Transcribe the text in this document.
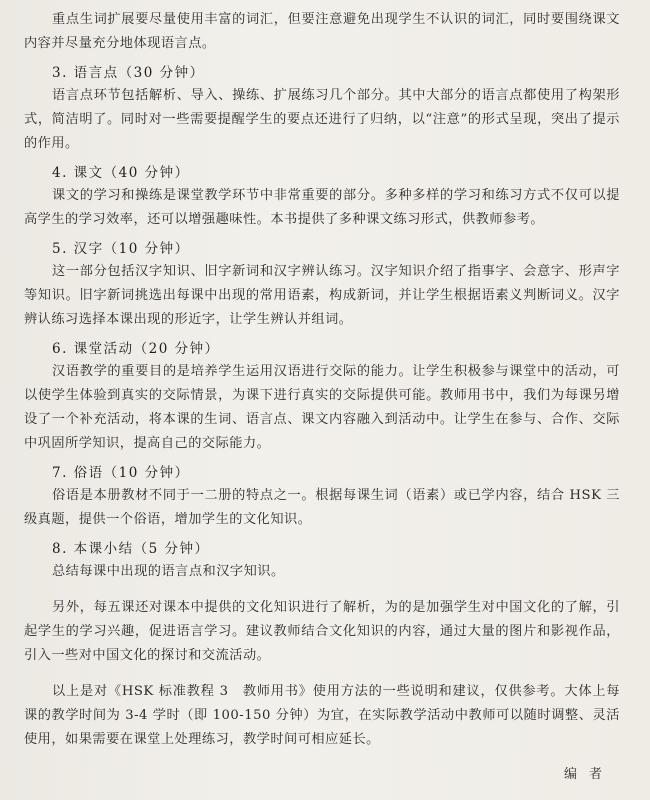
重点生词扩展要尽量使用丰富的词汇，但要注意避免出现学生不认识的词汇，同时要围绕课文内容并尽量充分地体现语言点。

3. 语言点（30 分钟）

语言点环节包括解析、导入、操练、扩展练习几个部分。其中大部分的语言点都使用了构架形式，简洁明了。同时对一些需要提醒学生的要点还进行了归纳，以“注意”的形式呈现，突出了提示的作用。

4. 课文（40 分钟）

课文的学习和操练是课堂教学环节中非常重要的部分。多种多样的学习和练习方式不仅可以提高学生的学习效率，还可以增强趣味性。本书提供了多种课文练习形式，供教师参考。

5. 汉字（10 分钟）

这一部分包括汉字知识、旧字新词和汉字辨认练习。汉字知识介绍了指事字、会意字、形声字等知识。旧字新词挑选出每课中出现的常用语素，构成新词，并让学生根据语素义判断词义。汉字辨认练习选择本课出现的形近字，让学生辨认并组词。

6. 课堂活动（20 分钟）

汉语教学的重要目的是培养学生运用汉语进行交际的能力。让学生积极参与课堂中的活动，可以使学生体验到真实的交际情景，为课下进行真实的交际提供可能。教师用书中，我们为每课另增设了一个补充活动，将本课的生词、语言点、课文内容融入到活动中。让学生在参与、合作、交际中巩固所学知识，提高自己的交际能力。

7. 俗语（10 分钟）

俗语是本册教材不同于一二册的特点之一。根据每课生词（语素）或已学内容，结合 HSK 三级真题，提供一个俗语，增加学生的文化知识。

8. 本课小结（5 分钟）

总结每课中出现的语言点和汉字知识。

另外，每五课还对课本中提供的文化知识进行了解析，为的是加强学生对中国文化的了解，引起学生的学习兴趣，促进语言学习。建议教师结合文化知识的内容，通过大量的图片和影视作品，引入一些对中国文化的探讨和交流活动。

以上是对《HSK 标准教程 3　教师用书》使用方法的一些说明和建议，仅供参考。大体上每课的教学时间为 3-4 学时（即 100-150 分钟）为宜，在实际教学活动中教师可以随时调整、灵活使用，如果需要在课堂上处理练习，教学时间可相应延长。

编者
